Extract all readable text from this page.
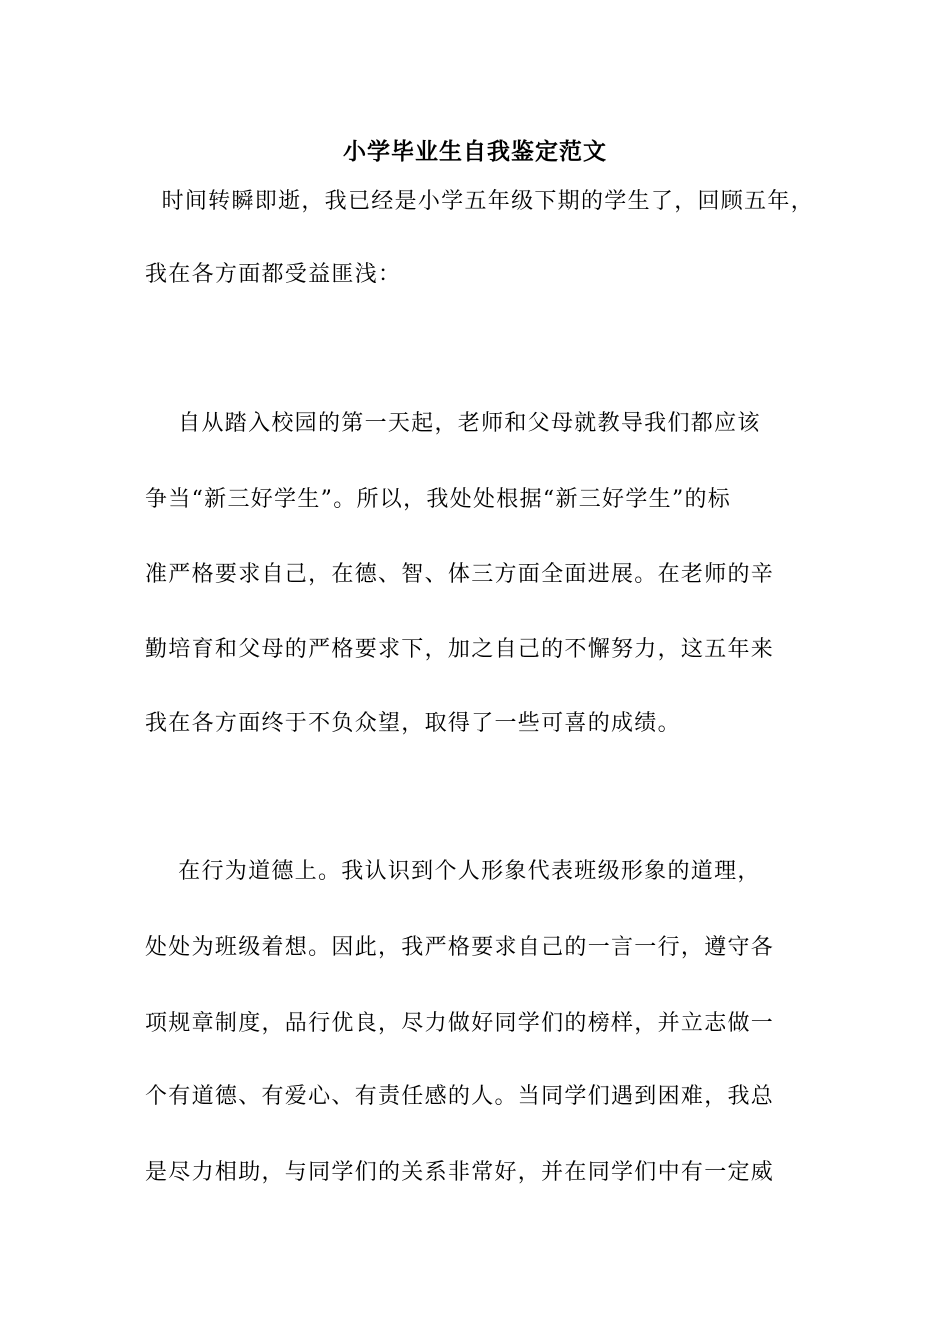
小学毕业生自我鉴定范文
时间转瞬即逝，我已经是小学五年级下期的学生了，回顾五年，
我在各方面都受益匪浅：
自从踏入校园的第一天起，老师和父母就教导我们都应该
争当“新三好学生”。所以，我处处根据“新三好学生”的标
准严格要求自己，在德、智、体三方面全面进展。在老师的辛
勤培育和父母的严格要求下，加之自己的不懈努力，这五年来
我在各方面终于不负众望，取得了一些可喜的成绩。
在行为道德上。我认识到个人形象代表班级形象的道理，
处处为班级着想。因此，我严格要求自己的一言一行，遵守各
项规章制度，品行优良，尽力做好同学们的榜样，并立志做一
个有道德、有爱心、有责任感的人。当同学们遇到困难，我总
是尽力相助，与同学们的关系非常好，并在同学们中有一定威
